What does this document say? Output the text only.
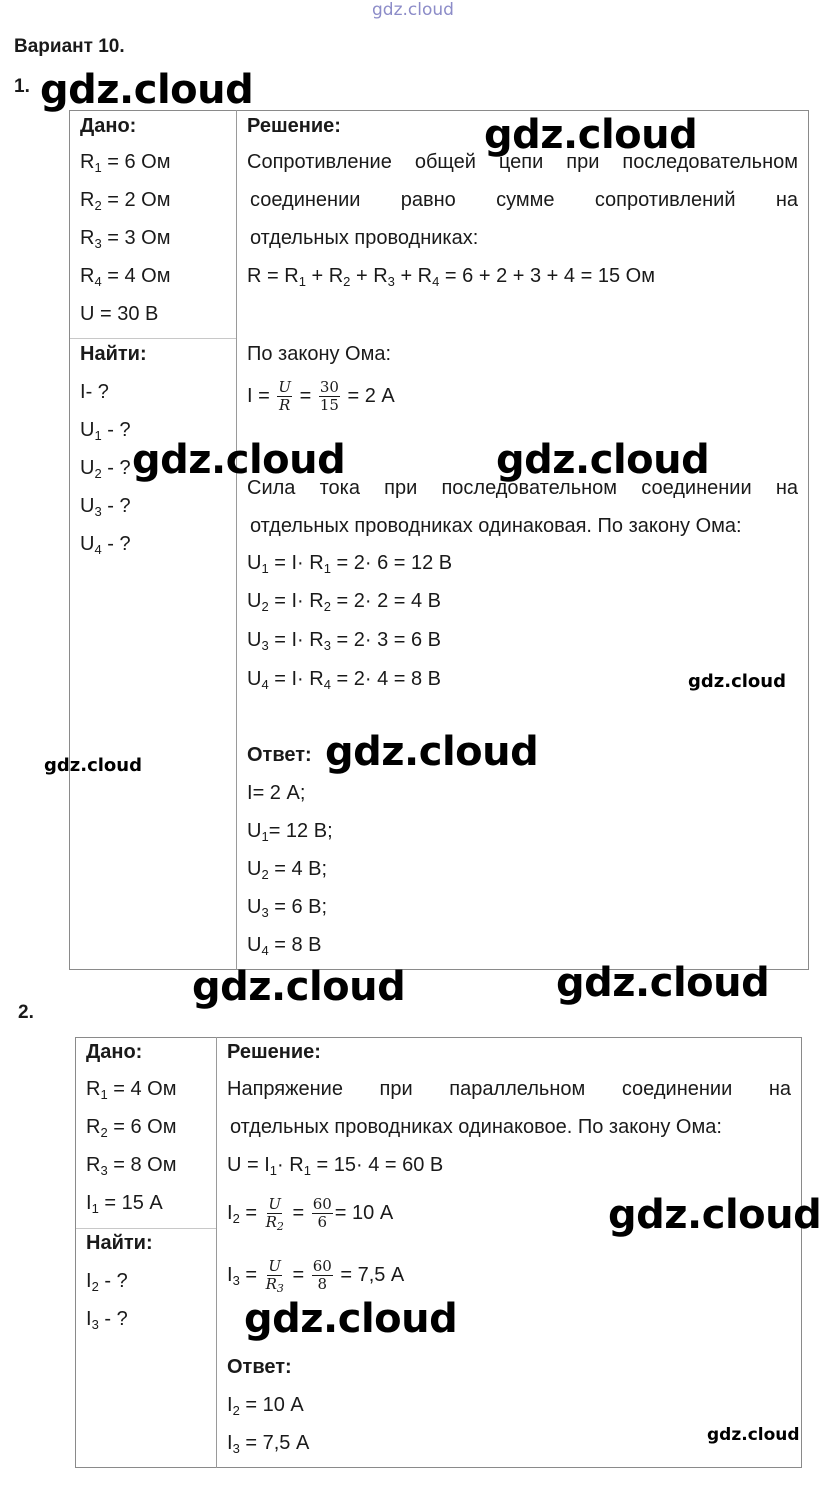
gdz.cloud
Вариант 10.
1.
Дано:
$R_1 = 6$ Ом
$R_2 = 2$ Ом
$R_3 = 3$ Ом
$R_4 = 4$ Ом
U = 30 В
Найти:
I- ?
$U_1$ - ?
$U_2$ - ?
$U_3$ - ?
$U_4$ - ?
Решение:
Сопротивление общей цепи при последовательном
соединении равно сумме сопротивлений на
отдельных проводниках:
$R = R_1 + R_2 + R_3 + R_4 = 6 + 2 + 3 + 4 = 15$ Ом
По закону Ома:
$I = \frac{U}{R} = \frac{30}{15} = 2$ А
Сила тока при последовательном соединении на
отдельных проводниках одинаковая. По закону Ома:
$U_1 = I\cdot R_1 = 2\cdot 6 = 12$ В
$U_2 = I\cdot R_2 = 2\cdot 2 = 4$ В
$U_3 = I\cdot R_3 = 2\cdot 3 = 6$ В
$U_4 = I\cdot R_4 = 2\cdot 4 = 8$ В
Ответ:
I= 2 А;
$U_1= 12$ В;
$U_2 = 4$ В;
$U_3 = 6$ В;
$U_4 = 8$ В
2.
Дано:
$R_1 = 4$ Ом
$R_2 = 6$ Ом
$R_3 = 8$ Ом
$I_1 = 15$ А
Найти:
$I_2$ - ?
$I_3$ - ?
Решение:
Напряжение при параллельном соединении на
отдельных проводниках одинаковое. По закону Ома:
$U = I_1\cdot R_1 = 15\cdot 4 = 60$ В
$I_2 = \frac{U}{R_2} = \frac{60}{6} = 10$ А
$I_3 = \frac{U}{R_3} = \frac{60}{8} = 7,5$ А
Ответ:
$I_2 = 10$ А
$I_3 = 7,5$ А
gdz.cloud
gdz.cloud
gdz.cloud	gdz.cloud
gdz.cloud
gdz.cloud
gdz.cloud
gdz.cloud	gdz.cloud
gdz.cloud
gdz.cloud
gdz.cloud
